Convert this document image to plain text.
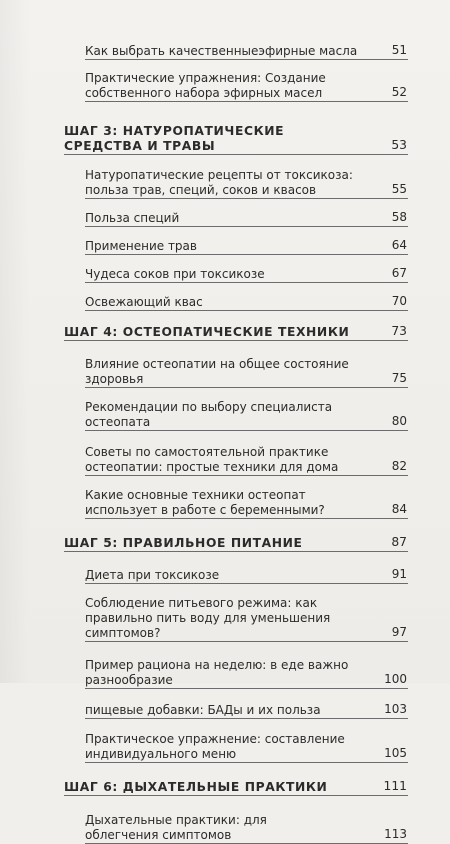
Как выбрать качественныеэфирные масла	51
Практические упражнения: Создание собственного набора эфирных масел	52
ШАГ 3: НАТУРОПАТИЧЕСКИЕ СРЕДСТВА И ТРАВЫ	53
Натуропатические рецепты от токсикоза: польза трав, специй, соков и квасов	55
Польза специй	58
Применение трав	64
Чудеса соков при токсикозе	67
Освежающий квас	70
ШАГ 4: ОСТЕОПАТИЧЕСКИЕ ТЕХНИКИ	73
Влияние остеопатии на общее состояние здоровья	75
Рекомендации по выбору специалиста остеопата	80
Советы по самостоятельной практике остеопатии: простые техники для дома	82
Какие основные техники остеопат использует в работе с беременными?	84
ШАГ 5: ПРАВИЛЬНОЕ ПИТАНИЕ	87
Диета при токсикозе	91
Соблюдение питьевого режима: как правильно пить воду для уменьшения симптомов?	97
Пример рациона на неделю: в еде важно разнообразие	100
пищевые добавки: БАДы и их польза	103
Практическое упражнение: составление индивидуального меню	105
ШАГ 6: ДЫХАТЕЛЬНЫЕ ПРАКТИКИ	111
Дыхательные практики: для облегчения симптомов	113
